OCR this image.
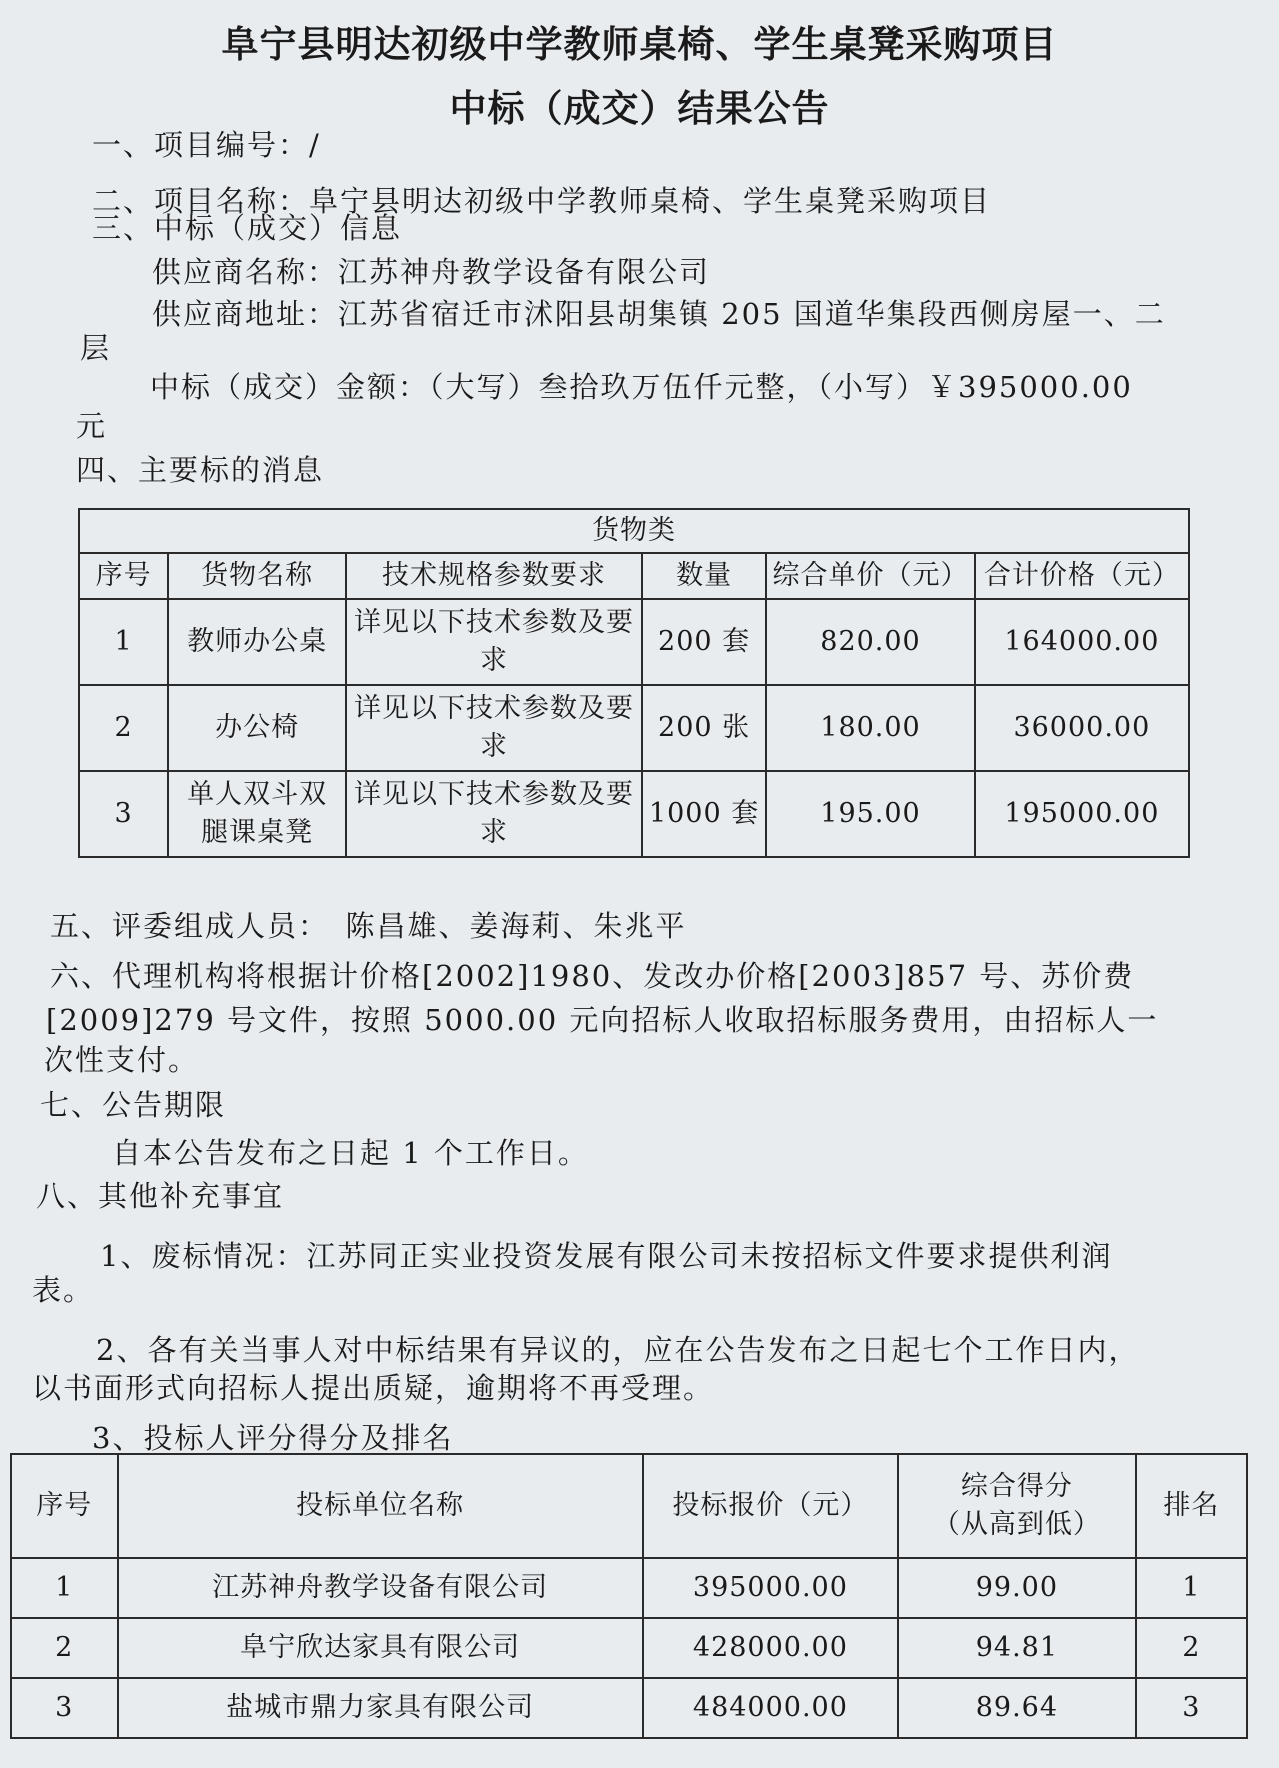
阜宁县明达初级中学教师桌椅、学生桌凳采购项目
中标（成交）结果公告
一、项目编号：/
二、项目名称：阜宁县明达初级中学教师桌椅、学生桌凳采购项目
三、中标（成交）信息
供应商名称：江苏神舟教学设备有限公司
供应商地址：江苏省宿迁市沭阳县胡集镇 205 国道华集段西侧房屋一、二
层
中标（成交）金额：（大写）叁拾玖万伍仟元整，（小写）￥395000.00
元
四、主要标的消息
货物类					
序号	货物名称	技术规格参数要求	数量	综合单价（元）	合计价格（元）
1	教师办公桌	详见以下技术参数及要求	200 套	820.00	164000.00
2	办公椅	详见以下技术参数及要求	200 张	180.00	36000.00
3	单人双斗双腿课桌凳	详见以下技术参数及要求	1000 套	195.00	195000.00
五、评委组成人员：　陈昌雄、姜海莉、朱兆平
六、代理机构将根据计价格[2002]1980、发改办价格[2003]857 号、苏价费
[2009]279 号文件，按照 5000.00 元向招标人收取招标服务费用，由招标人一
次性支付。
七、公告期限
自本公告发布之日起 1 个工作日。
八、其他补充事宜
1、废标情况：江苏同正实业投资发展有限公司未按招标文件要求提供利润
表。
2、各有关当事人对中标结果有异议的，应在公告发布之日起七个工作日内，
以书面形式向招标人提出质疑，逾期将不再受理。
3、投标人评分得分及排名
序号	投标单位名称	投标报价（元）	综合得分
（从高到低）	排名
1	江苏神舟教学设备有限公司	395000.00	99.00	1
2	阜宁欣达家具有限公司	428000.00	94.81	2
3	盐城市鼎力家具有限公司	484000.00	89.64	3
